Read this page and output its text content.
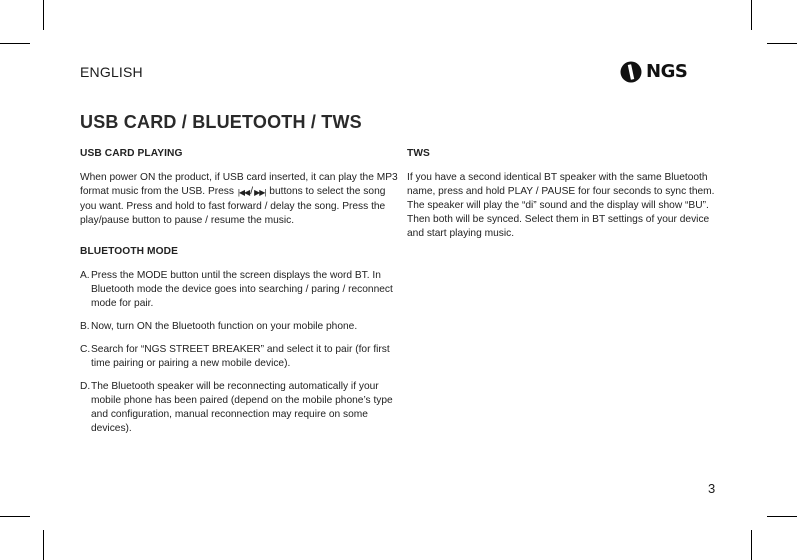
ENGLISH	NGS
USB CARD / BLUETOOTH / TWS
USB CARD PLAYING

When power ON the product, if USB card inserted, it can play the MP3 format music from the USB. Press |◀◀/▶▶| buttons to select the song you want. Press and hold to fast forward / delay the song. Press the play/pause button to pause / resume the music.

BLUETOOTH MODE
A. Press the MODE button until the screen displays the word BT. In Bluetooth mode the device goes into searching / paring / reconnect mode for pair.
B. Now, turn ON the Bluetooth function on your mobile phone.
C. Search for “NGS STREET BREAKER” and select it to pair (for first time pairing or pairing a new mobile device).
D. The Bluetooth speaker will be reconnecting automatically if your mobile phone has been paired (depend on the mobile phone’s type and configuration, manual reconnection may require on some devices).
TWS

If you have a second identical BT speaker with the same Bluetooth name, press and hold PLAY / PAUSE for four seconds to sync them. The speaker will play the “di” sound and the display will show “BU”. Then both will be synced. Select them in BT settings of your device and start playing music.

3
